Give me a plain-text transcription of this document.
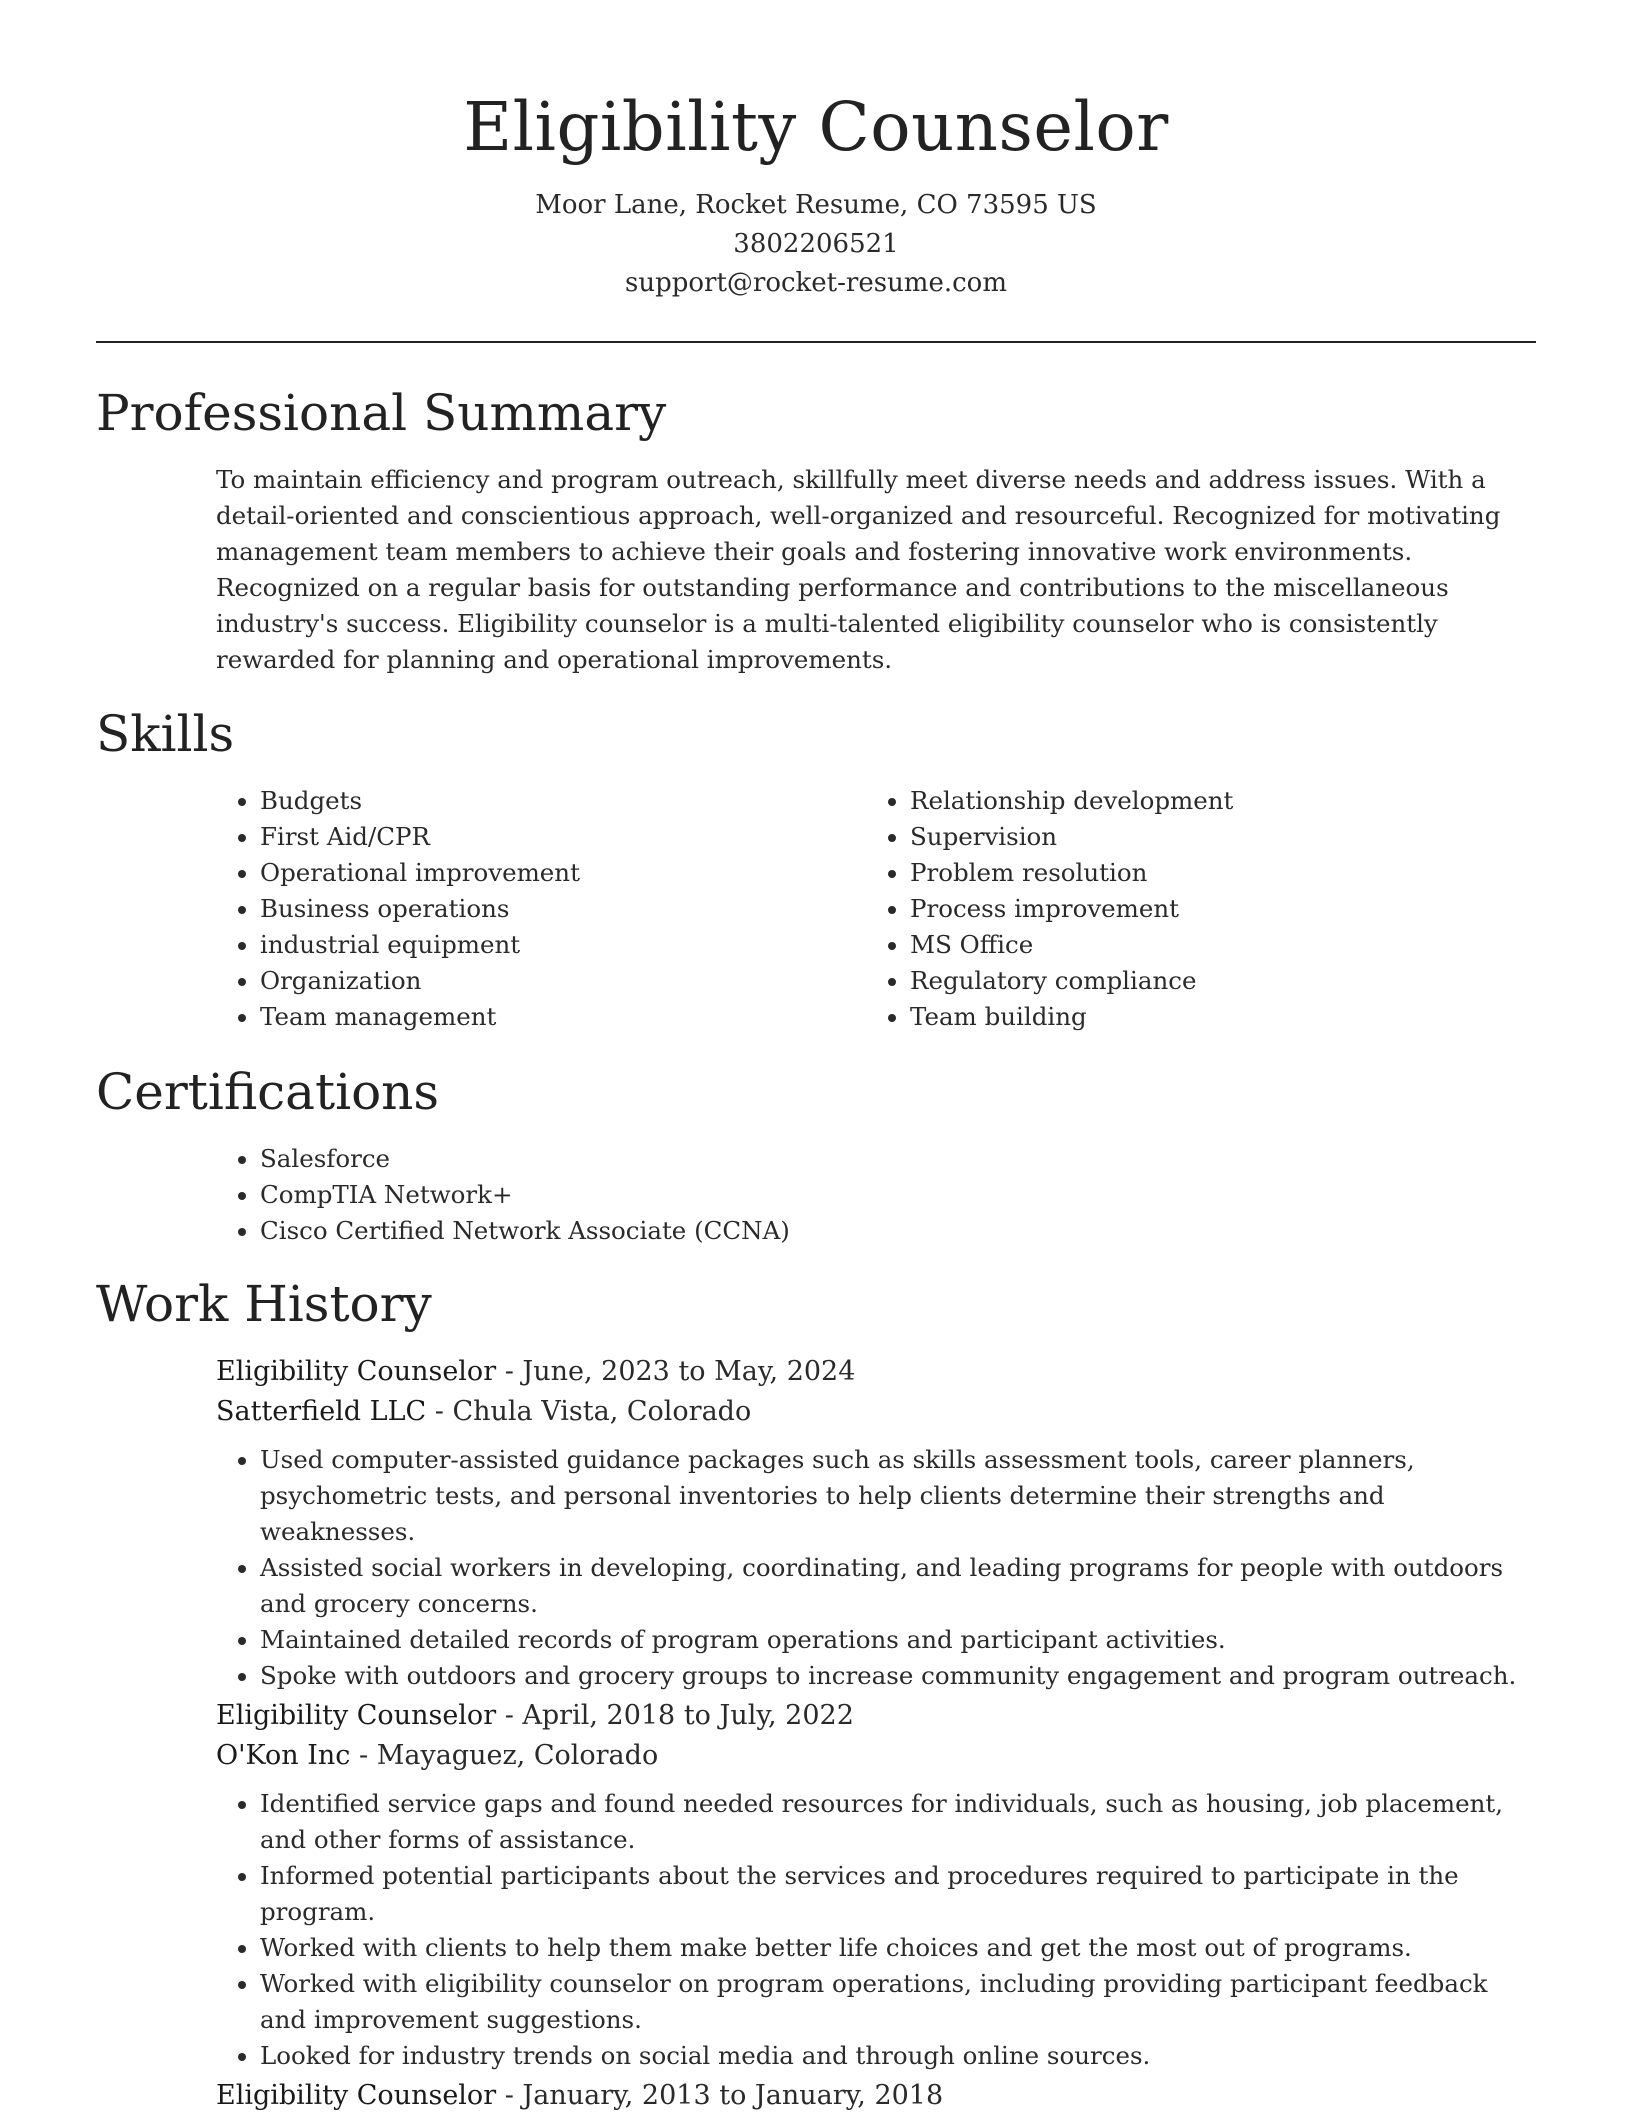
Eligibility Counselor
Moor Lane, Rocket Resume, CO 73595 US
3802206521
support@rocket-resume.com
Professional Summary

To maintain efficiency and program outreach, skillfully meet diverse needs and address issues. With a detail-oriented and conscientious approach, well-organized and resourceful. Recognized for motivating management team members to achieve their goals and fostering innovative work environments. Recognized on a regular basis for outstanding performance and contributions to the miscellaneous industry's success. Eligibility counselor is a multi-talented eligibility counselor who is consistently rewarded for planning and operational improvements.

Skills
• Budgets
• First Aid/CPR
• Operational improvement
• Business operations
• industrial equipment
• Organization
• Team management
• Relationship development
• Supervision
• Problem resolution
• Process improvement
• MS Office
• Regulatory compliance
• Team building
Certifications
• Salesforce
• CompTIA Network+
• Cisco Certified Network Associate (CCNA)
Work History
Eligibility Counselor - June, 2023 to May, 2024
Satterfield LLC - Chula Vista, Colorado
• Used computer-assisted guidance packages such as skills assessment tools, career planners, psychometric tests, and personal inventories to help clients determine their strengths and weaknesses.
• Assisted social workers in developing, coordinating, and leading programs for people with outdoors and grocery concerns.
• Maintained detailed records of program operations and participant activities.
• Spoke with outdoors and grocery groups to increase community engagement and program outreach.
Eligibility Counselor - April, 2018 to July, 2022
O'Kon Inc - Mayaguez, Colorado
• Identified service gaps and found needed resources for individuals, such as housing, job placement, and other forms of assistance.
• Informed potential participants about the services and procedures required to participate in the program.
• Worked with clients to help them make better life choices and get the most out of programs.
• Worked with eligibility counselor on program operations, including providing participant feedback and improvement suggestions.
• Looked for industry trends on social media and through online sources.
Eligibility Counselor - January, 2013 to January, 2018
